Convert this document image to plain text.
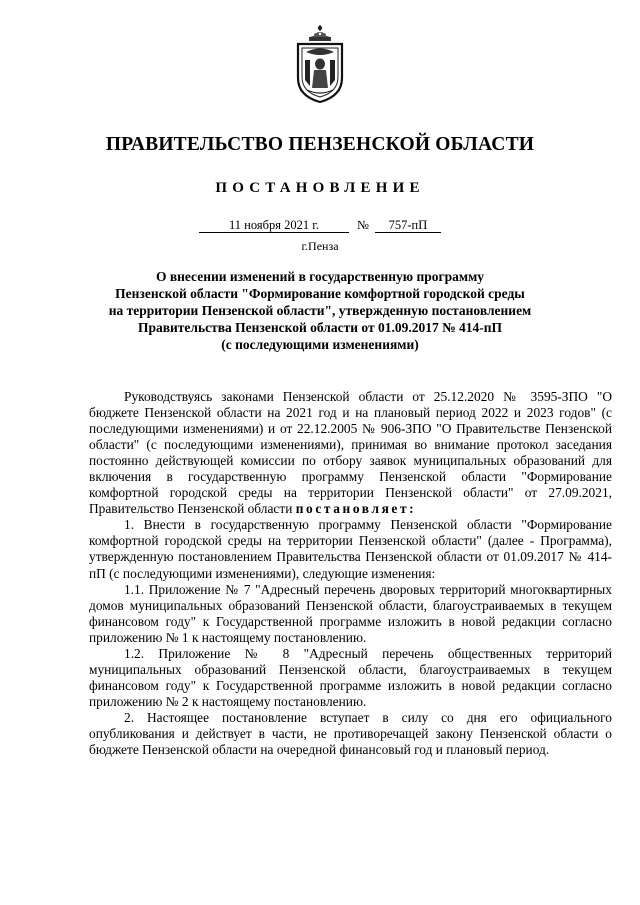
ПРАВИТЕЛЬСТВО ПЕНЗЕНСКОЙ ОБЛАСТИ
ПОСТАНОВЛЕНИЕ
11 ноября 2021 г.	№ 757-пП
г.Пенза
О внесении изменений в государственную программу
Пензенской области "Формирование комфортной городской среды
на территории Пензенской области", утвержденную постановлением
Правительства Пензенской области от 01.09.2017 № 414-пП
(с последующими изменениями)

Руководствуясь законами Пензенской области от 25.12.2020 № 3595-ЗПО "О бюджете Пензенской области на 2021 год и на плановый период 2022 и 2023 годов" (с последующими изменениями) и от 22.12.2005 № 906-ЗПО "О Правительстве Пензенской области" (с последующими изменениями), принимая во внимание протокол заседания постоянно действующей комиссии по отбору заявок муниципальных образований для включения в государственную программу Пензенской области "Формирование комфортной городской среды на территории Пензенской области" от 27.09.2021, Правительство Пензенской области постановляет:

1. Внести в государственную программу Пензенской области "Формирование комфортной городской среды на территории Пензенской области" (далее - Программа), утвержденную постановлением Правительства Пензенской области от 01.09.2017 № 414-пП (с последующими изменениями), следующие изменения:

1.1. Приложение № 7 "Адресный перечень дворовых территорий многоквартирных домов муниципальных образований Пензенской области, благоустраиваемых в текущем финансовом году" к Государственной программе изложить в новой редакции согласно приложению № 1 к настоящему постановлению.

1.2. Приложение № 8 "Адресный перечень общественных территорий муниципальных образований Пензенской области, благоустраиваемых в текущем финансовом году" к Государственной программе изложить в новой редакции согласно приложению № 2 к настоящему постановлению.

2. Настоящее постановление вступает в силу со дня его официального опубликования и действует в части, не противоречащей закону Пензенской области о бюджете Пензенской области на очередной финансовый год и плановый период.
